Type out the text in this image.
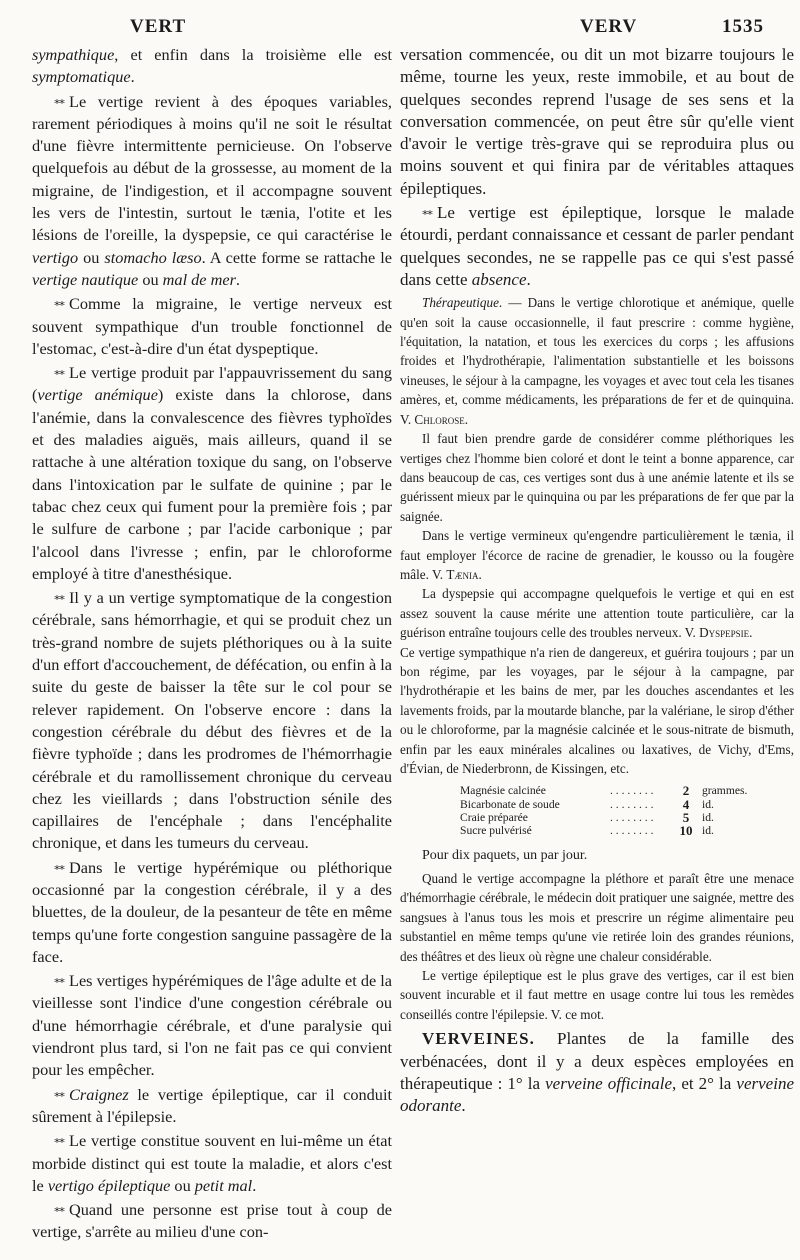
VERT	VERV	1535

sympathique, et enfin dans la troisième elle est symptomatique.

⁎⁎ Le vertige revient à des époques variables, rarement périodiques à moins qu'il ne soit le résultat d'une fièvre intermittente pernicieuse. On l'observe quelquefois au début de la grossesse, au moment de la migraine, de l'indigestion, et il accompagne souvent les vers de l'intestin, surtout le tænia, l'otite et les lésions de l'oreille, la dyspepsie, ce qui caractérise le vertigo ou stomacho læso. A cette forme se rattache le vertige nautique ou mal de mer.

⁎⁎ Comme la migraine, le vertige nerveux est souvent sympathique d'un trouble fonctionnel de l'estomac, c'est-à-dire d'un état dyspeptique.

⁎⁎ Le vertige produit par l'appauvrissement du sang (vertige anémique) existe dans la chlorose, dans l'anémie, dans la convalescence des fièvres typhoïdes et des maladies aiguës, mais ailleurs, quand il se rattache à une altération toxique du sang, on l'observe dans l'intoxication par le sulfate de quinine ; par le tabac chez ceux qui fument pour la première fois ; par le sulfure de carbone ; par l'acide carbonique ; par l'alcool dans l'ivresse ; enfin, par le chloroforme employé à titre d'anesthésique.

⁎⁎ Il y a un vertige symptomatique de la congestion cérébrale, sans hémorrhagie, et qui se produit chez un très-grand nombre de sujets pléthoriques ou à la suite d'un effort d'accouchement, de défécation, ou enfin à la suite du geste de baisser la tête sur le col pour se relever rapidement. On l'observe encore : dans la congestion cérébrale du début des fièvres et de la fièvre typhoïde ; dans les prodromes de l'hémorrhagie cérébrale et du ramollissement chronique du cerveau chez les vieillards ; dans l'obstruction sénile des capillaires de l'encéphale ; dans l'encéphalite chronique, et dans les tumeurs du cerveau.

⁎⁎ Dans le vertige hypérémique ou pléthorique occasionné par la congestion cérébrale, il y a des bluettes, de la douleur, de la pesanteur de tête en même temps qu'une forte congestion sanguine passagère de la face.

⁎⁎ Les vertiges hypérémiques de l'âge adulte et de la vieillesse sont l'indice d'une congestion cérébrale ou d'une hémorrhagie cérébrale, et d'une paralysie qui viendront plus tard, si l'on ne fait pas ce qui convient pour les empêcher.

⁎⁎ Craignez le vertige épileptique, car il conduit sûrement à l'épilepsie.

⁎⁎ Le vertige constitue souvent en lui-même un état morbide distinct qui est toute la maladie, et alors c'est le vertigo épileptique ou petit mal.

⁎⁎ Quand une personne est prise tout à coup de vertige, s'arrête au milieu d'une con-

versation commencée, ou dit un mot bizarre toujours le même, tourne les yeux, reste immobile, et au bout de quelques secondes reprend l'usage de ses sens et la conversation commencée, on peut être sûr qu'elle vient d'avoir le vertige très-grave qui se reproduira plus ou moins souvent et qui finira par de véritables attaques épileptiques.

⁎⁎ Le vertige est épileptique, lorsque le malade étourdi, perdant connaissance et cessant de parler pendant quelques secondes, ne se rappelle pas ce qui s'est passé dans cette absence.

Thérapeutique. — Dans le vertige chlorotique et anémique, quelle qu'en soit la cause occasionnelle, il faut prescrire : comme hygiène, l'équitation, la natation, et tous les exercices du corps ; les affusions froides et l'hydrothérapie, l'alimentation substantielle et les boissons vineuses, le séjour à la campagne, les voyages et avec tout cela les tisanes amères, et, comme médicaments, les préparations de fer et de quinquina. V. Chlorose.

Il faut bien prendre garde de considérer comme pléthoriques les vertiges chez l'homme bien coloré et dont le teint a bonne apparence, car dans beaucoup de cas, ces vertiges sont dus à une anémie latente et ils se guérissent mieux par le quinquina ou par les préparations de fer que par la saignée.

Dans le vertige vermineux qu'engendre particulièrement le tænia, il faut employer l'écorce de racine de grenadier, le kousso ou la fougère mâle. V. Tænia.

La dyspepsie qui accompagne quelquefois le vertige et qui en est assez souvent la cause mérite une attention toute particulière, car la guérison entraîne toujours celle des troubles nerveux. V. Dyspepsie.

Ce vertige sympathique n'a rien de dangereux, et guérira toujours ; par un bon régime, par les voyages, par le séjour à la campagne, par l'hydrothérapie et les bains de mer, par les douches ascendantes et les lavements froids, par la moutarde blanche, par la valériane, le sirop d'éther ou le chloroforme, par la magnésie calcinée et le sous-nitrate de bismuth, enfin par les eaux minérales alcalines ou laxatives, de Vichy, d'Ems, d'Évian, de Niederbronn, de Kissingen, etc.

Magnésie calcinée	. . . . . . . .	2	grammes.
Bicarbonate de soude	. . . . . . . .	4	id.
Craie préparée	. . . . . . . .	5	id.
Sucre pulvérisé	. . . . . . . .	10 id.

Pour dix paquets, un par jour.

Quand le vertige accompagne la pléthore et paraît être une menace d'hémorrhagie cérébrale, le médecin doit pratiquer une saignée, mettre des sangsues à l'anus tous les mois et prescrire un régime alimentaire peu substantiel en même temps qu'une vie retirée loin des grandes réunions, des théâtres et des lieux où règne une chaleur considérable.

Le vertige épileptique est le plus grave des vertiges, car il est bien souvent incurable et il faut mettre en usage contre lui tous les remèdes conseillés contre l'épilepsie. V. ce mot.

VERVEINES. Plantes de la famille des verbénacées, dont il y a deux espèces employées en thérapeutique : 1° la verveine officinale, et 2° la verveine odorante.
